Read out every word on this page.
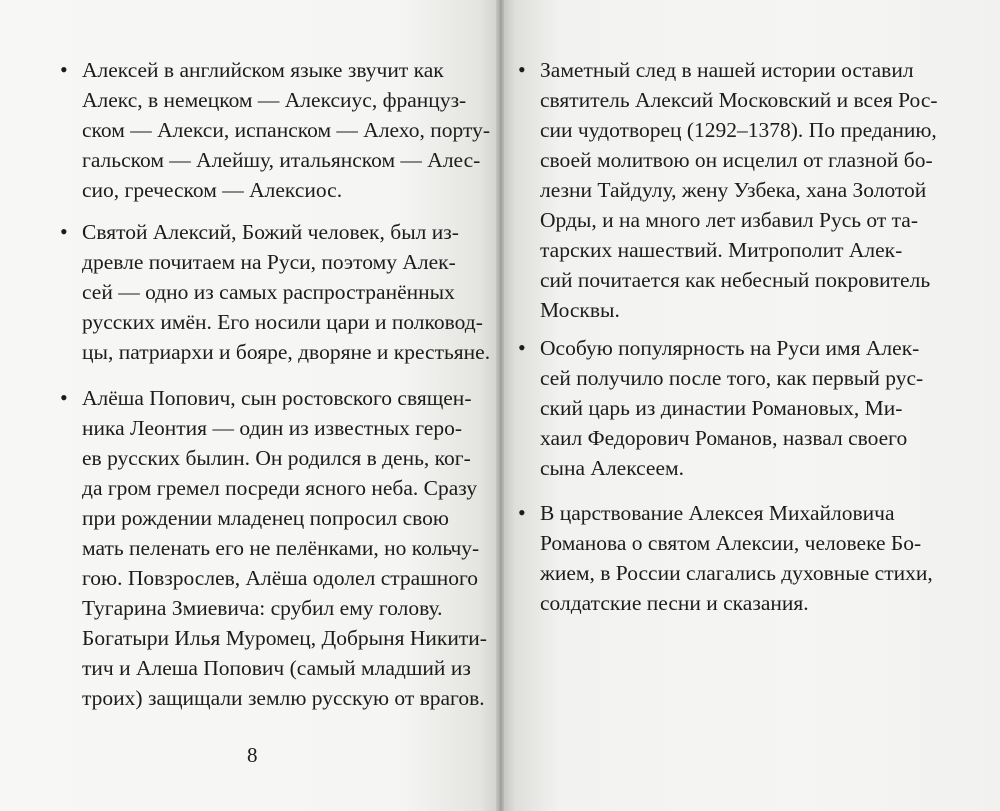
• Алексей в английском языке звучит как
Алекс, в немецком — Алексиус, француз-
ском — Алекси, испанском — Алехо, порту-
гальском — Алейшу, итальянском — Алес-
сио, греческом — Алексиос.
• Святой Алексий, Божий человек, был из-
древле почитаем на Руси, поэтому Алек-
сей — одно из самых распространённых
русских имён. Его носили цари и полковод-
цы, патриархи и бояре, дворяне и крестьяне.
• Алёша Попович, сын ростовского священ-
ника Леонтия — один из известных геро-
ев русских былин. Он родился в день, ког-
да гром гремел посреди ясного неба. Сразу
при рождении младенец попросил свою
мать пеленать его не пелёнками, но кольчу-
гою. Повзрослев, Алёша одолел страшного
Тугарина Змиевича: срубил ему голову.
Богатыри Илья Муромец, Добрыня Никити-
тич и Алеша Попович (самый младший из
троих) защищали землю русскую от врагов.
8
• Заметный след в нашей истории оставил
святитель Алексий Московский и всея Рос-
сии чудотворец (1292–1378). По преданию,
своей молитвою он исцелил от глазной бо-
лезни Тайдулу, жену Узбека, хана Золотой
Орды, и на много лет избавил Русь от та-
тарских нашествий. Митрополит Алек-
сий почитается как небесный покровитель
Москвы.
• Особую популярность на Руси имя Алек-
сей получило после того, как первый рус-
ский царь из династии Романовых, Ми-
хаил Федорович Романов, назвал своего
сына Алексеем.
• В царствование Алексея Михайловича
Романова о святом Алексии, человеке Бо-
жием, в России слагались духовные стихи,
солдатские песни и сказания.
